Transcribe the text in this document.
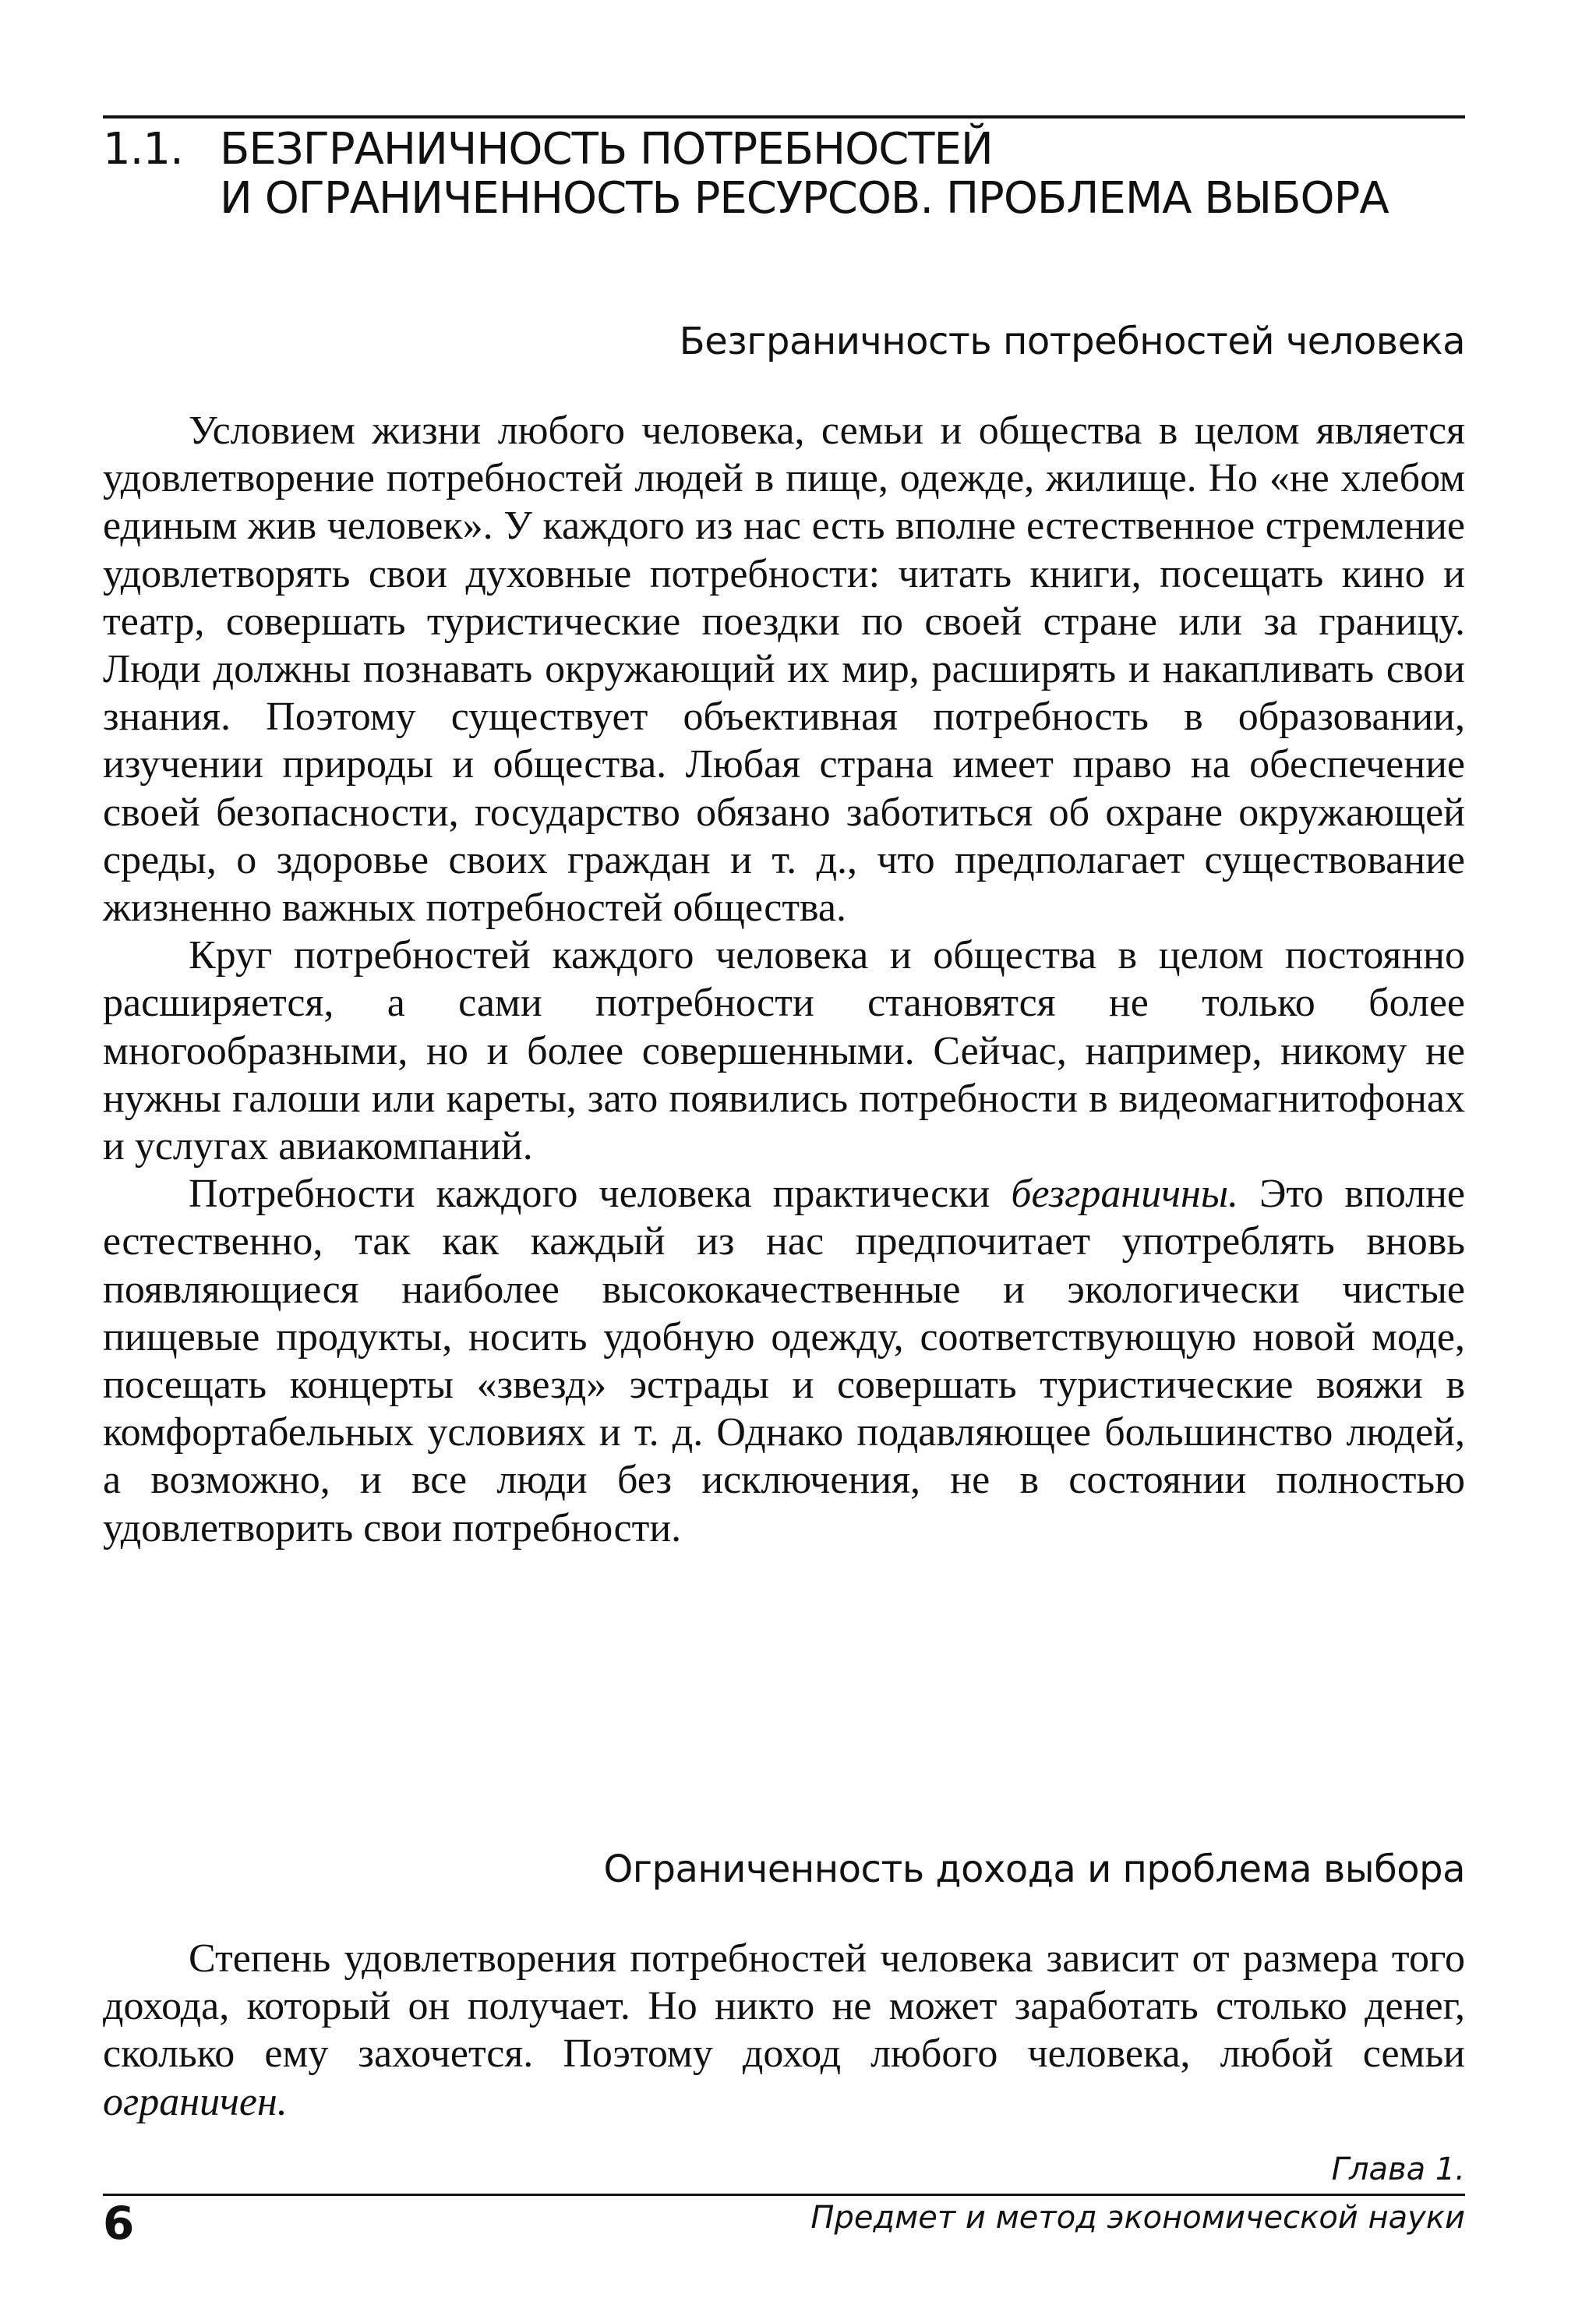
1.1. БЕЗГРАНИЧНОСТЬ ПОТРЕБНОСТЕЙ
И ОГРАНИЧЕННОСТЬ РЕСУРСОВ. ПРОБЛЕМА ВЫБОРА
Безграничность потребностей человека

Условием жизни любого человека, семьи и общества в целом является удовлетворение потребностей людей в пище, одежде, жилище. Но «не хлебом единым жив человек». У каждого из нас есть вполне естественное стремление удовлетворять свои духовные потребности: читать книги, посещать кино и театр, совершать туристические поездки по своей стране или за границу. Люди должны познавать окружающий их мир, расширять и накапливать свои знания. Поэтому существует объективная потребность в образовании, изучении природы и общества. Любая страна имеет право на обеспечение своей безопасности, государство обязано заботиться об охране окружающей среды, о здоровье своих граждан и т. д., что предполагает существование жизненно важных потребностей общества.

Круг потребностей каждого человека и общества в целом постоянно расширяется, а сами потребности становятся не только более многообразными, но и более совершенными. Сейчас, например, никому не нужны галоши или кареты, зато появились потребности в видеомагнитофонах и услугах авиакомпаний.

Потребности каждого человека практически безграничны. Это вполне естественно, так как каждый из нас предпочитает употреблять вновь появляющиеся наиболее высококачественные и экологически чистые пищевые продукты, носить удобную одежду, соответствующую новой моде, посещать концерты «звезд» эстрады и совершать туристические вояжи в комфортабельных условиях и т. д. Однако подавляющее большинство людей, а возможно, и все люди без исключения, не в состоянии полностью удовлетворить свои потребности.

Ограниченность дохода и проблема выбора

Степень удовлетворения потребностей человека зависит от размера того дохода, который он получает. Но никто не может заработать столько денег, сколько ему захочется. Поэтому доход любого человека, любой семьи ограничен.

Глава 1.
Предмет и метод экономической науки
6
